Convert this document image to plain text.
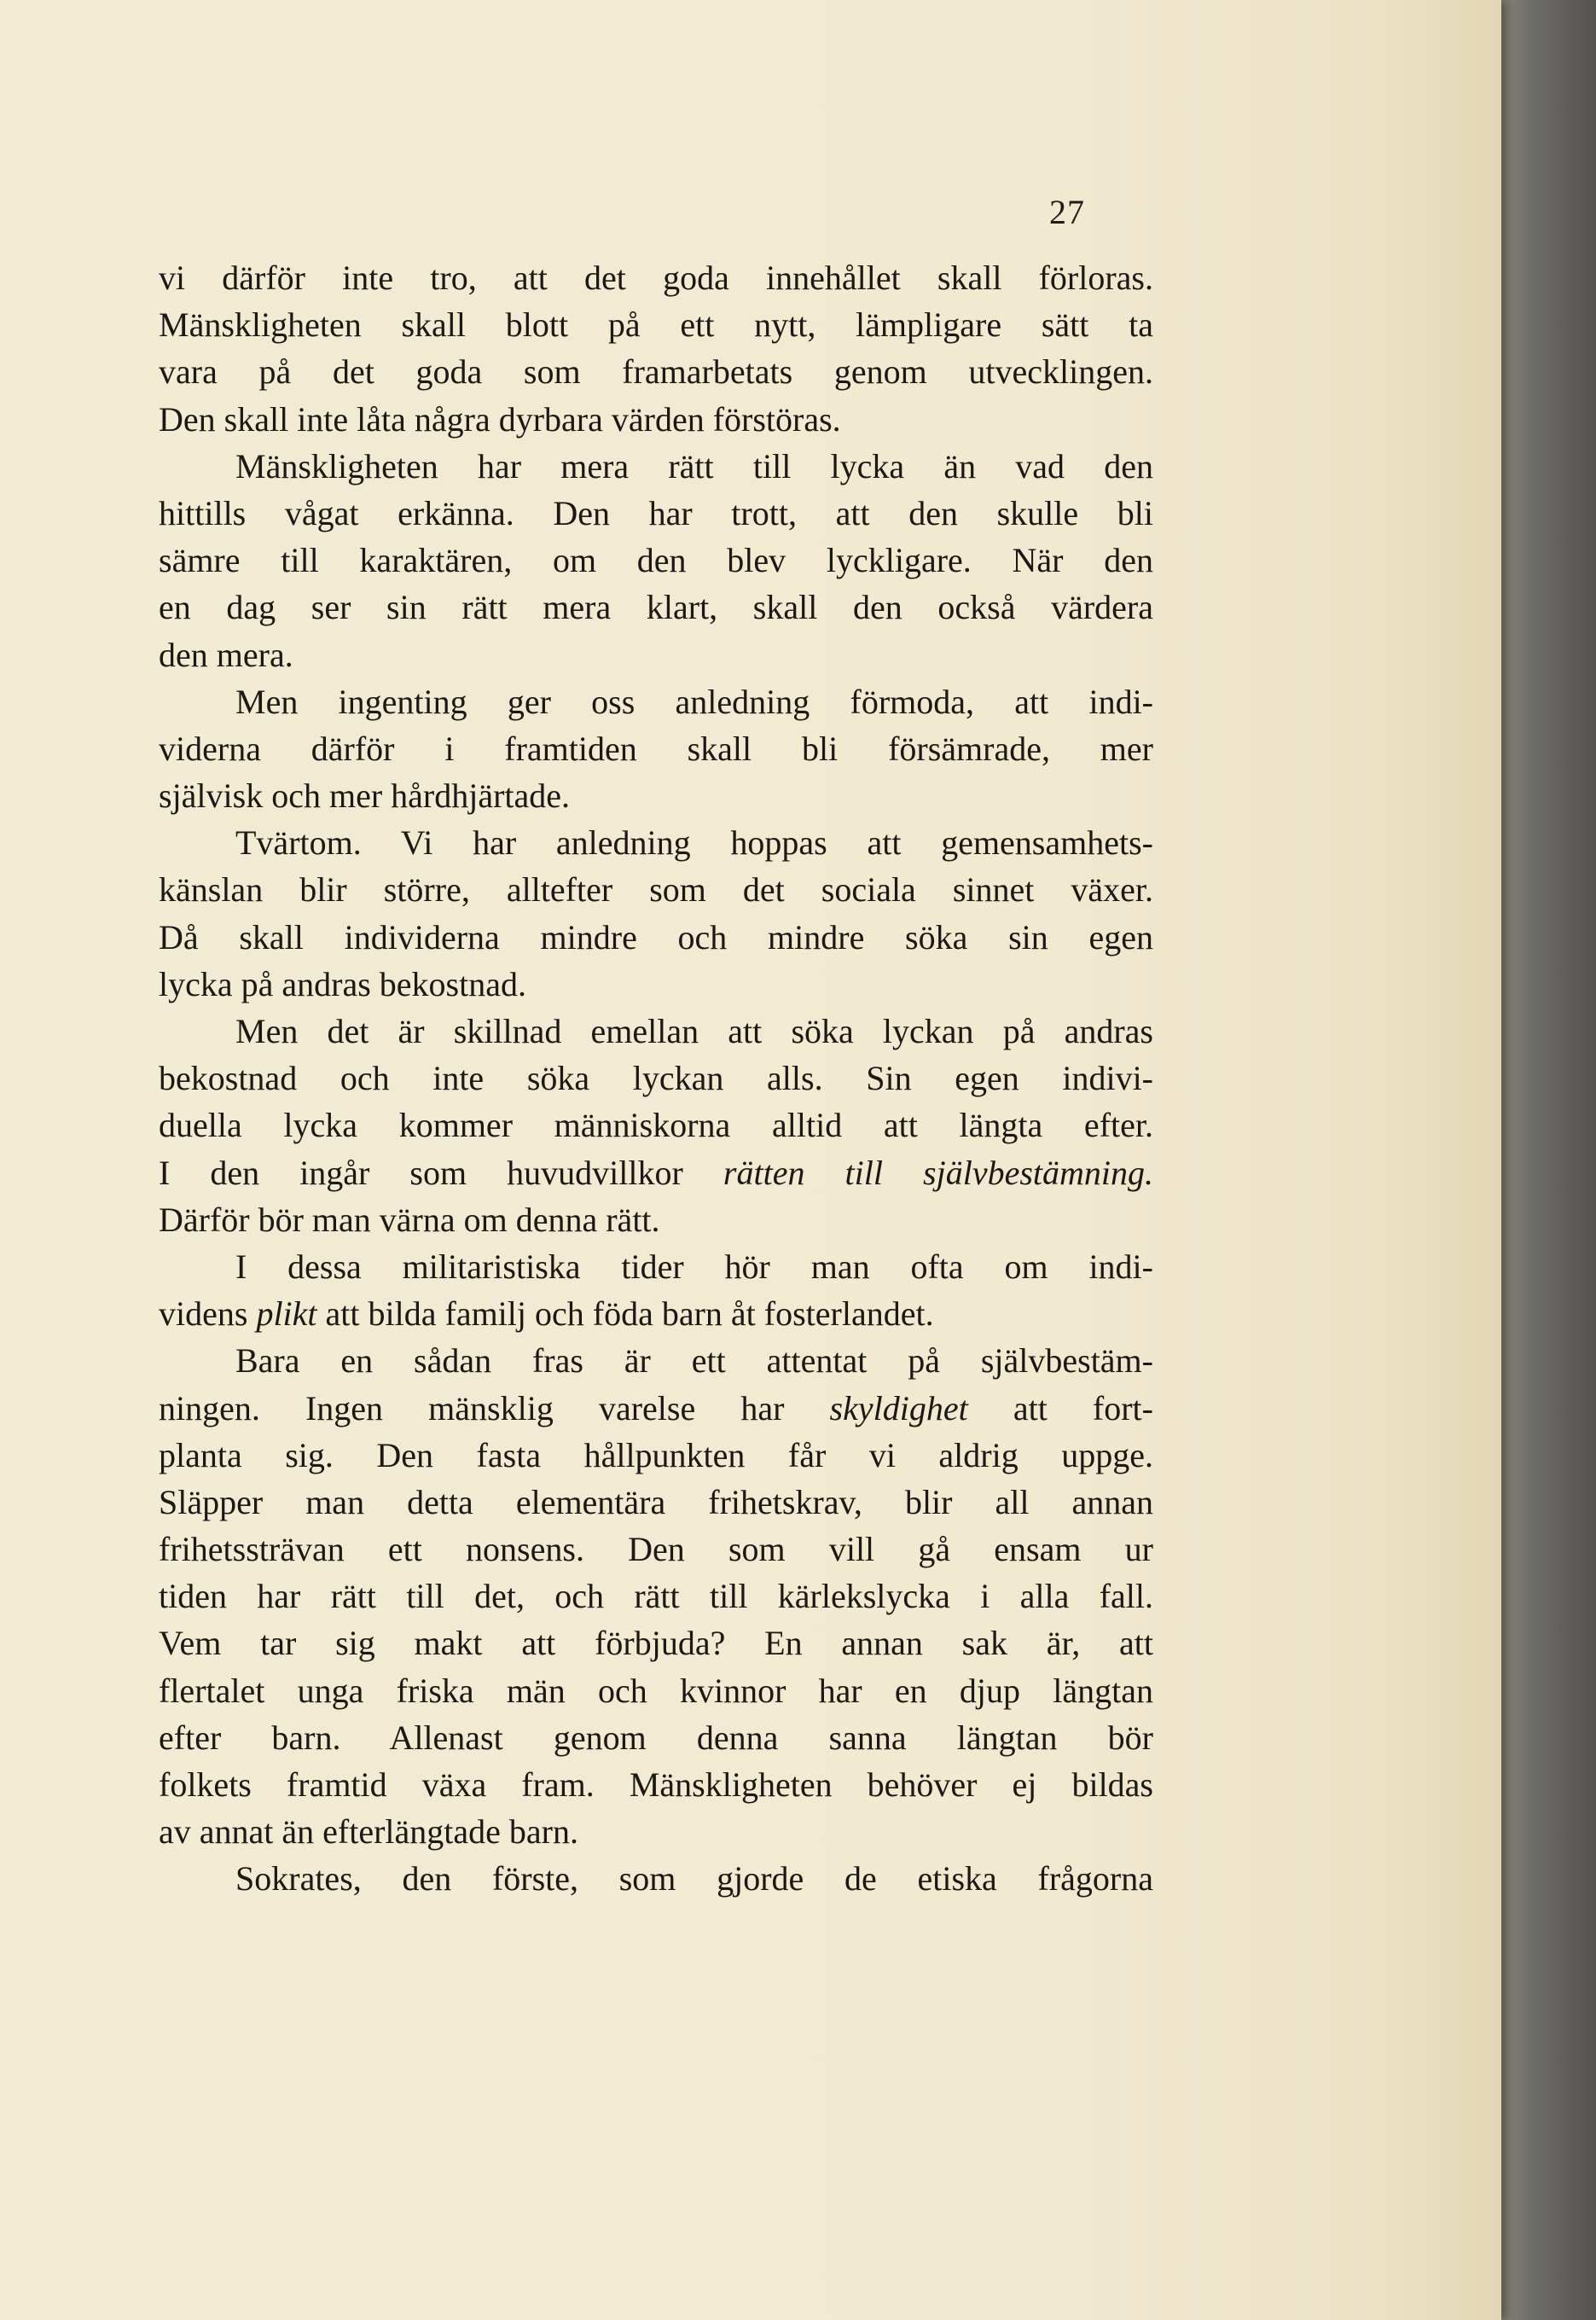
27
vi därför inte tro, att det goda innehållet skall förloras.
Mänskligheten skall blott på ett nytt, lämpligare sätt ta
vara på det goda som framarbetats genom utvecklingen.
Den skall inte låta några dyrbara värden förstöras.
Mänskligheten har mera rätt till lycka än vad den
hittills vågat erkänna. Den har trott, att den skulle bli
sämre till karaktären, om den blev lyckligare. När den
en dag ser sin rätt mera klart, skall den också värdera
den mera.
Men ingenting ger oss anledning förmoda, att indi-
viderna därför i framtiden skall bli försämrade, mer
självisk och mer hårdhjärtade.
Tvärtom. Vi har anledning hoppas att gemensamhets-
känslan blir större, alltefter som det sociala sinnet växer.
Då skall individerna mindre och mindre söka sin egen
lycka på andras bekostnad.
Men det är skillnad emellan att söka lyckan på andras
bekostnad och inte söka lyckan alls. Sin egen indivi-
duella lycka kommer människorna alltid att längta efter.
I den ingår som huvudvillkor rätten till självbestämning.
Därför bör man värna om denna rätt.
I dessa militaristiska tider hör man ofta om indi-
videns plikt att bilda familj och föda barn åt fosterlandet.
Bara en sådan fras är ett attentat på självbestäm-
ningen. Ingen mänsklig varelse har skyldighet att fort-
planta sig. Den fasta hållpunkten får vi aldrig uppge.
Släpper man detta elementära frihetskrav, blir all annan
frihetssträvan ett nonsens. Den som vill gå ensam ur
tiden har rätt till det, och rätt till kärlekslycka i alla fall.
Vem tar sig makt att förbjuda? En annan sak är, att
flertalet unga friska män och kvinnor har en djup längtan
efter barn. Allenast genom denna sanna längtan bör
folkets framtid växa fram. Mänskligheten behöver ej bildas
av annat än efterlängtade barn.
Sokrates, den förste, som gjorde de etiska frågorna
